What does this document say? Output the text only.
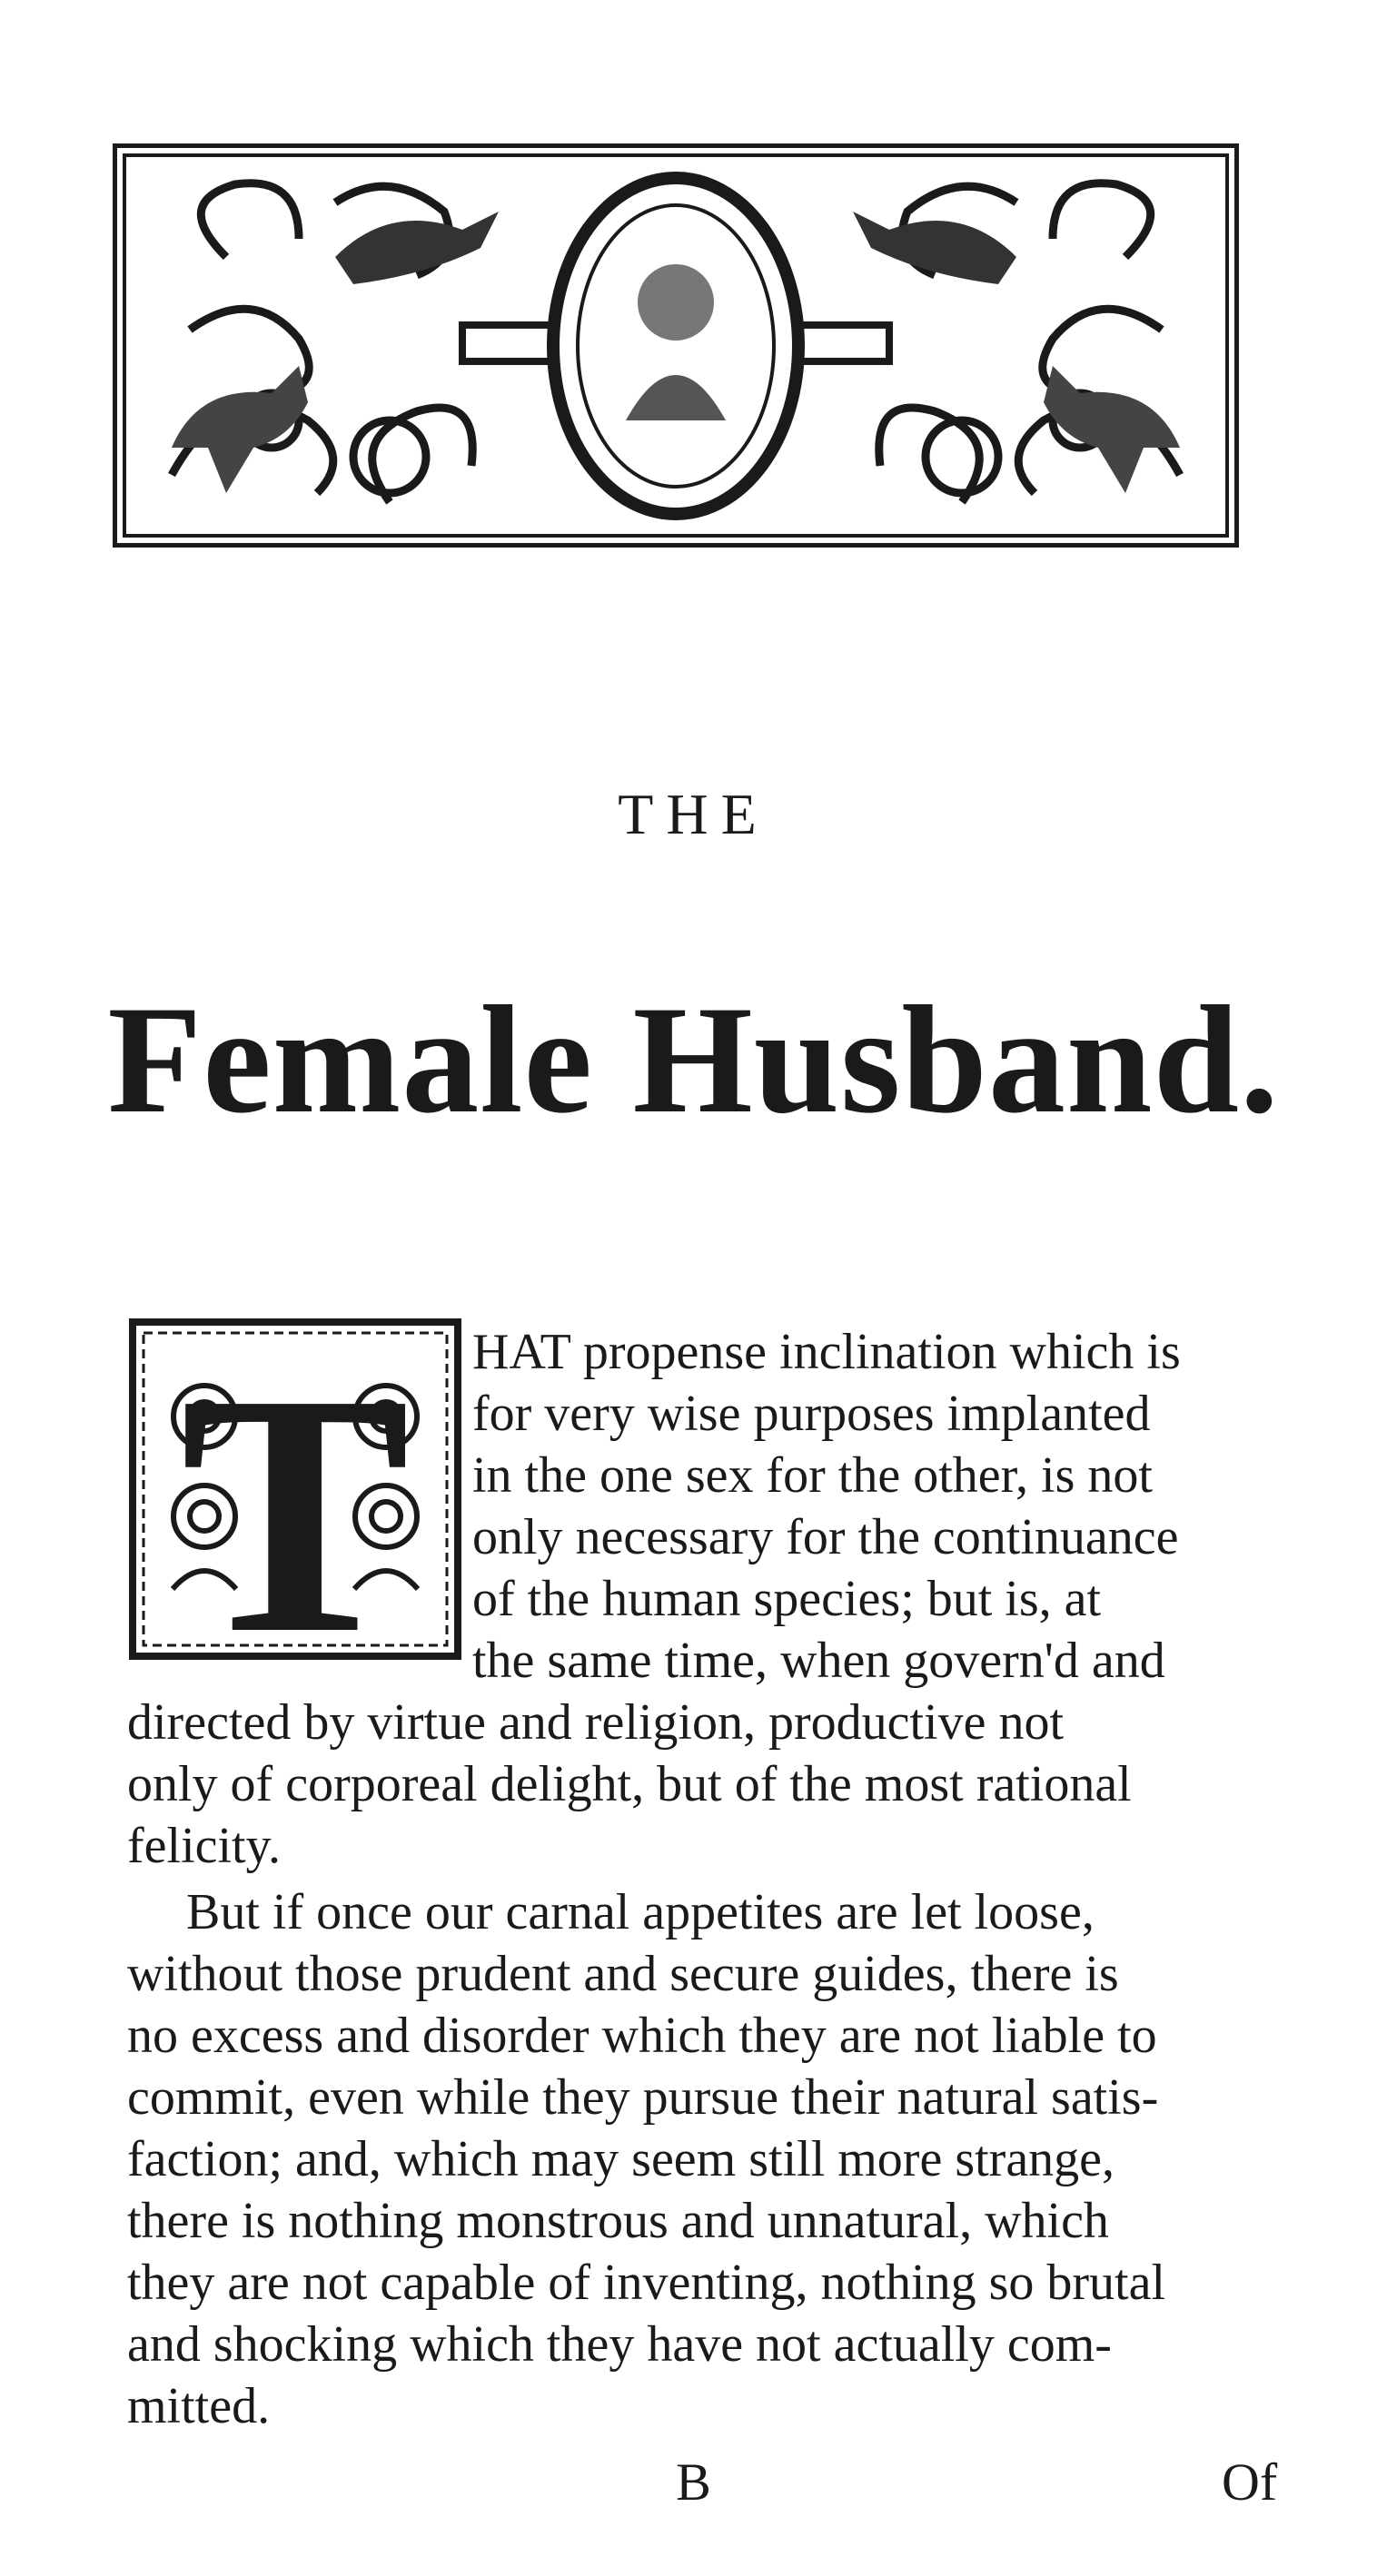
THE
Female Husband.
T HAT propense inclination which is
for very wise purposes implanted
in the one sex for the other, is not
only necessary for the continuance
of the human species; but is, at
the same time, when govern'd and
directed by virtue and religion, productive not
only of corporeal delight, but of the most rational
felicity.
But if once our carnal appetites are let loose,
without those prudent and secure guides, there is
no excess and disorder which they are not liable to
commit, even while they pursue their natural satis-
faction; and, which may seem still more strange,
there is nothing monstrous and unnatural, which
they are not capable of inventing, nothing so brutal
and shocking which they have not actually com-
mitted.
B	Of
